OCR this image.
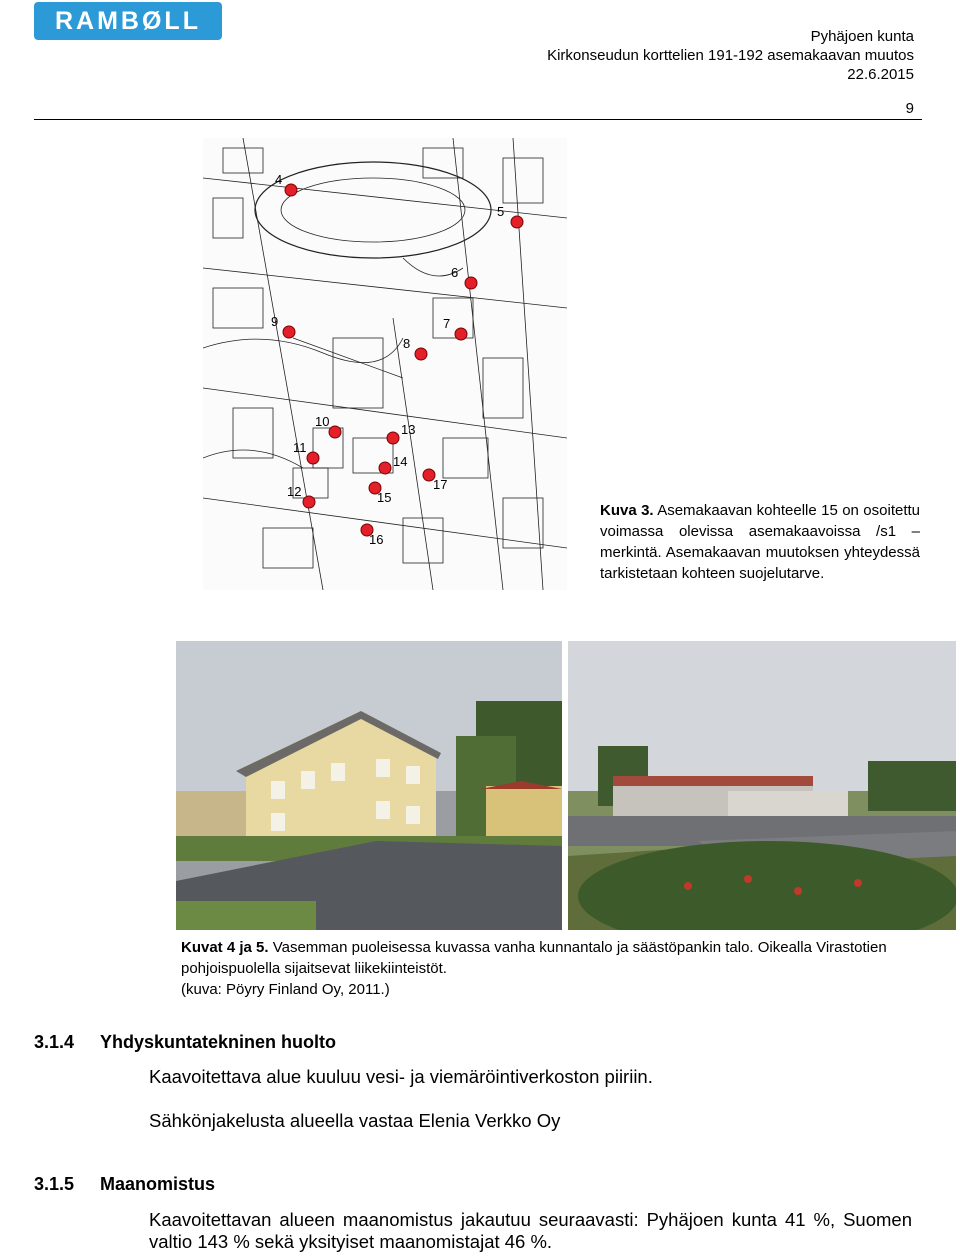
RAMBØLL
Pyhäjoen kunta
Kirkonseudun korttelien 191-192 asemakaavan muutos
22.6.2015
9
4
5
6
7
8
9
10
11
12
13
14
15
16
17
Kuva 3. Asemakaavan kohteelle 15 on osoitettu voimassa olevissa asemakaavoissa /s1 –merkintä. Asemakaavan muutoksen yhteydessä tarkistetaan kohteen suojelutarve.
Kuvat 4 ja 5. Vasemman puoleisessa kuvassa vanha kunnantalo ja säästöpankin talo. Oikealla Virastotien pohjoispuolella sijaitsevat liikekiinteistöt.
(kuva: Pöyry Finland Oy, 2011.)
3.1.4 Yhdyskuntatekninen huolto
Kaavoitettava alue kuuluu vesi- ja viemäröintiverkoston piiriin.
Sähkönjakelusta alueella vastaa Elenia Verkko Oy
3.1.5 Maanomistus
Kaavoitettavan alueen maanomistus jakautuu seuraavasti: Pyhäjoen kunta 41 %, Suomen valtio 143 % sekä yksityiset maanomistajat 46 %.
